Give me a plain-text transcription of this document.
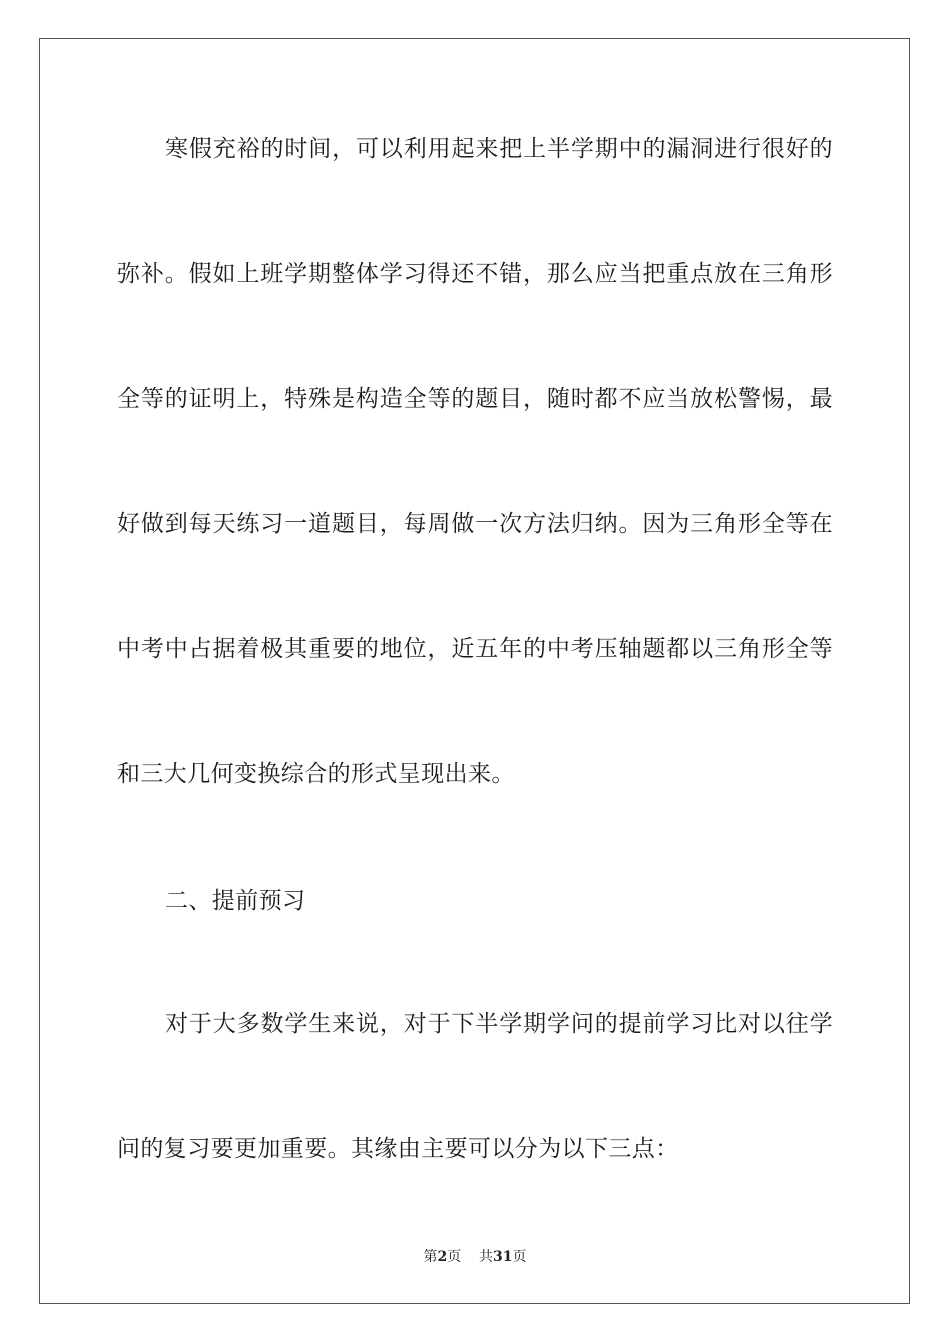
寒假充裕的时间，可以利用起来把上半学期中的漏洞进行很好的弥补。假如上班学期整体学习得还不错，那么应当把重点放在三角形全等的证明上，特殊是构造全等的题目，随时都不应当放松警惕，最好做到每天练习一道题目，每周做一次方法归纳。因为三角形全等在中考中占据着极其重要的地位，近五年的中考压轴题都以三角形全等和三大几何变换综合的形式呈现出来。

二、提前预习

对于大多数学生来说，对于下半学期学问的提前学习比对以往学问的复习要更加重要。其缘由主要可以分为以下三点：

第2页 共31页
